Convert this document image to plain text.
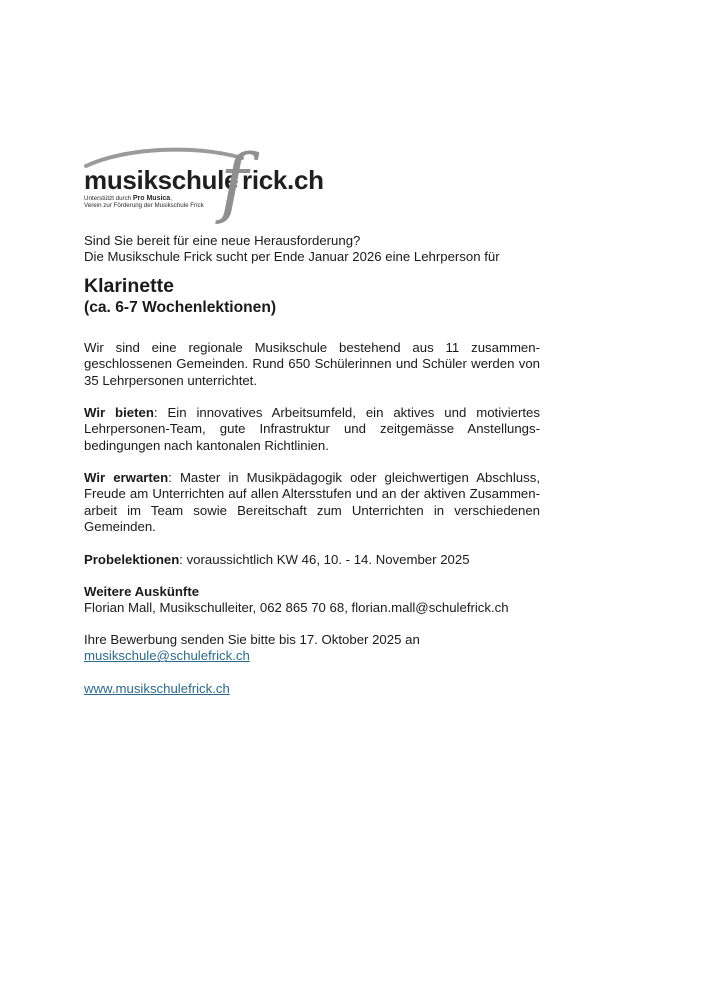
musikschule
f
rick.ch
Unterstützt durch Pro Musica,
Verein zur Förderung der Musikschule Frick
Sind Sie bereit für eine neue Herausforderung?
Die Musikschule Frick sucht per Ende Januar 2026 eine Lehrperson für
Klarinette
(ca. 6-7 Wochenlektionen)
Wir sind eine regionale Musikschule bestehend aus 11 zusammen-
geschlossenen Gemeinden. Rund 650 Schülerinnen und Schüler werden von
35 Lehrpersonen unterrichtet.
Wir bieten: Ein innovatives Arbeitsumfeld, ein aktives und motiviertes
Lehrpersonen-Team, gute Infrastruktur und zeitgemässe Anstellungs-
bedingungen nach kantonalen Richtlinien.
Wir erwarten: Master in Musikpädagogik oder gleichwertigen Abschluss,
Freude am Unterrichten auf allen Altersstufen und an der aktiven Zusammen-
arbeit im Team sowie Bereitschaft zum Unterrichten in verschiedenen
Gemeinden.
Probelektionen: voraussichtlich KW 46, 10. - 14. November 2025
Weitere Auskünfte
Florian Mall, Musikschulleiter, 062 865 70 68, florian.mall@schulefrick.ch
Ihre Bewerbung senden Sie bitte bis 17. Oktober 2025 an
musikschule@schulefrick.ch
www.musikschulefrick.ch
